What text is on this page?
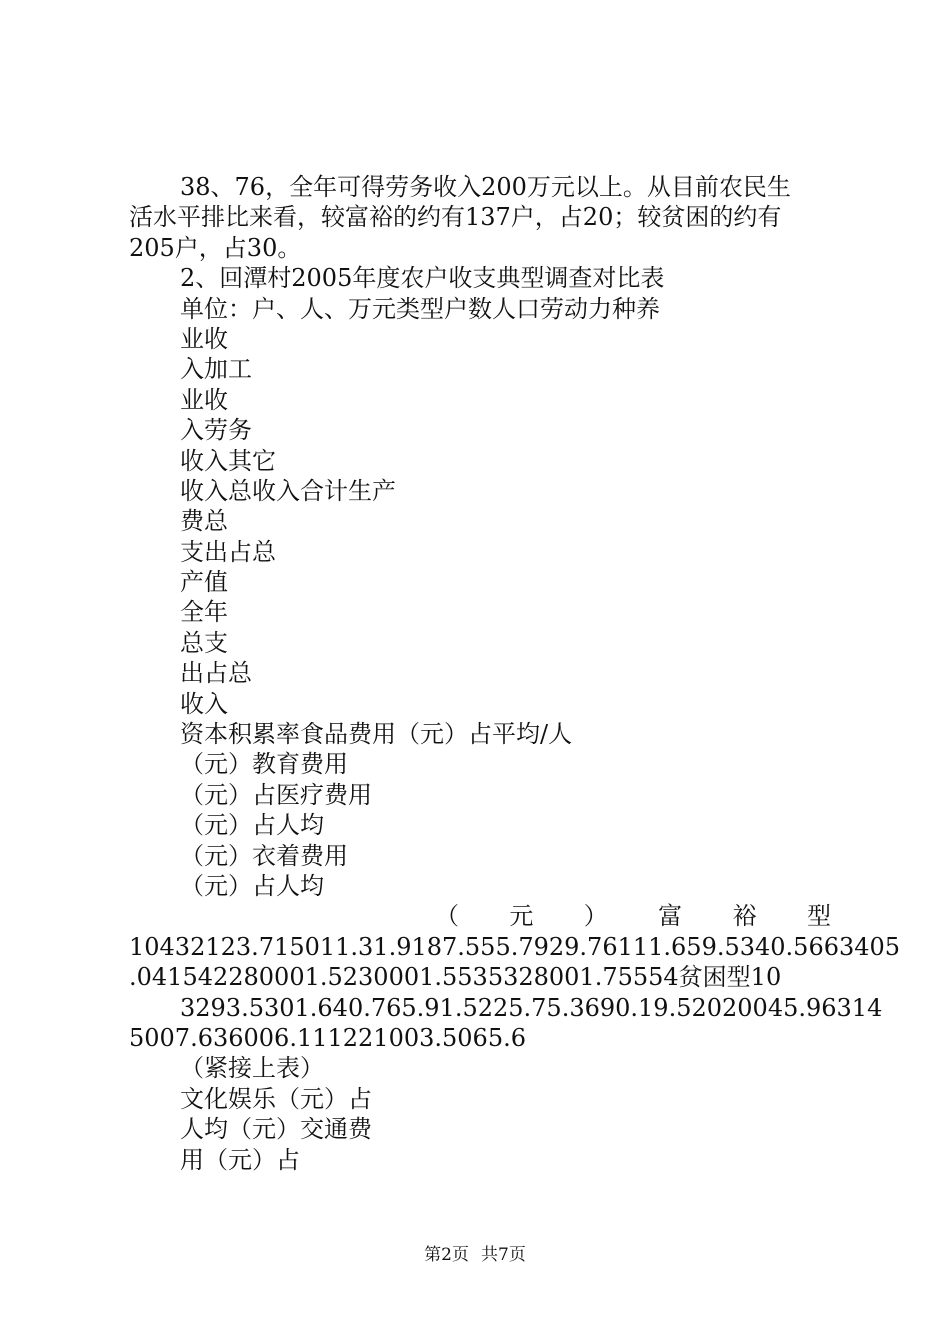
38、76，全年可得劳务收入200万元以上。从目前农民生
活水平排比来看，较富裕的约有137户，占20；较贫困的约有
205户，占30。
2、回潭村2005年度农户收支典型调查对比表
单位：户、人、万元类型户数人口劳动力种养
业收
入加工
业收
入劳务
收入其它
收入总收入合计生产
费总
支出占总
产值
全年
总支
出占总
收入
资本积累率食品费用（元）占平均/人
（元）教育费用
（元）占医疗费用
（元）占人均
（元）衣着费用
（元）占人均
（ 元 ） 富 裕 型
10432123.715011.31.9187.555.7929.76111.659.5340.5663405
.041542280001.5230001.5535328001.75554贫困型10
3293.5301.640.765.91.5225.75.3690.19.52020045.96314
5007.636006.111221003.5065.6
（紧接上表）
文化娱乐（元）占
人均（元）交通费
用（元）占
第2页 共7页
